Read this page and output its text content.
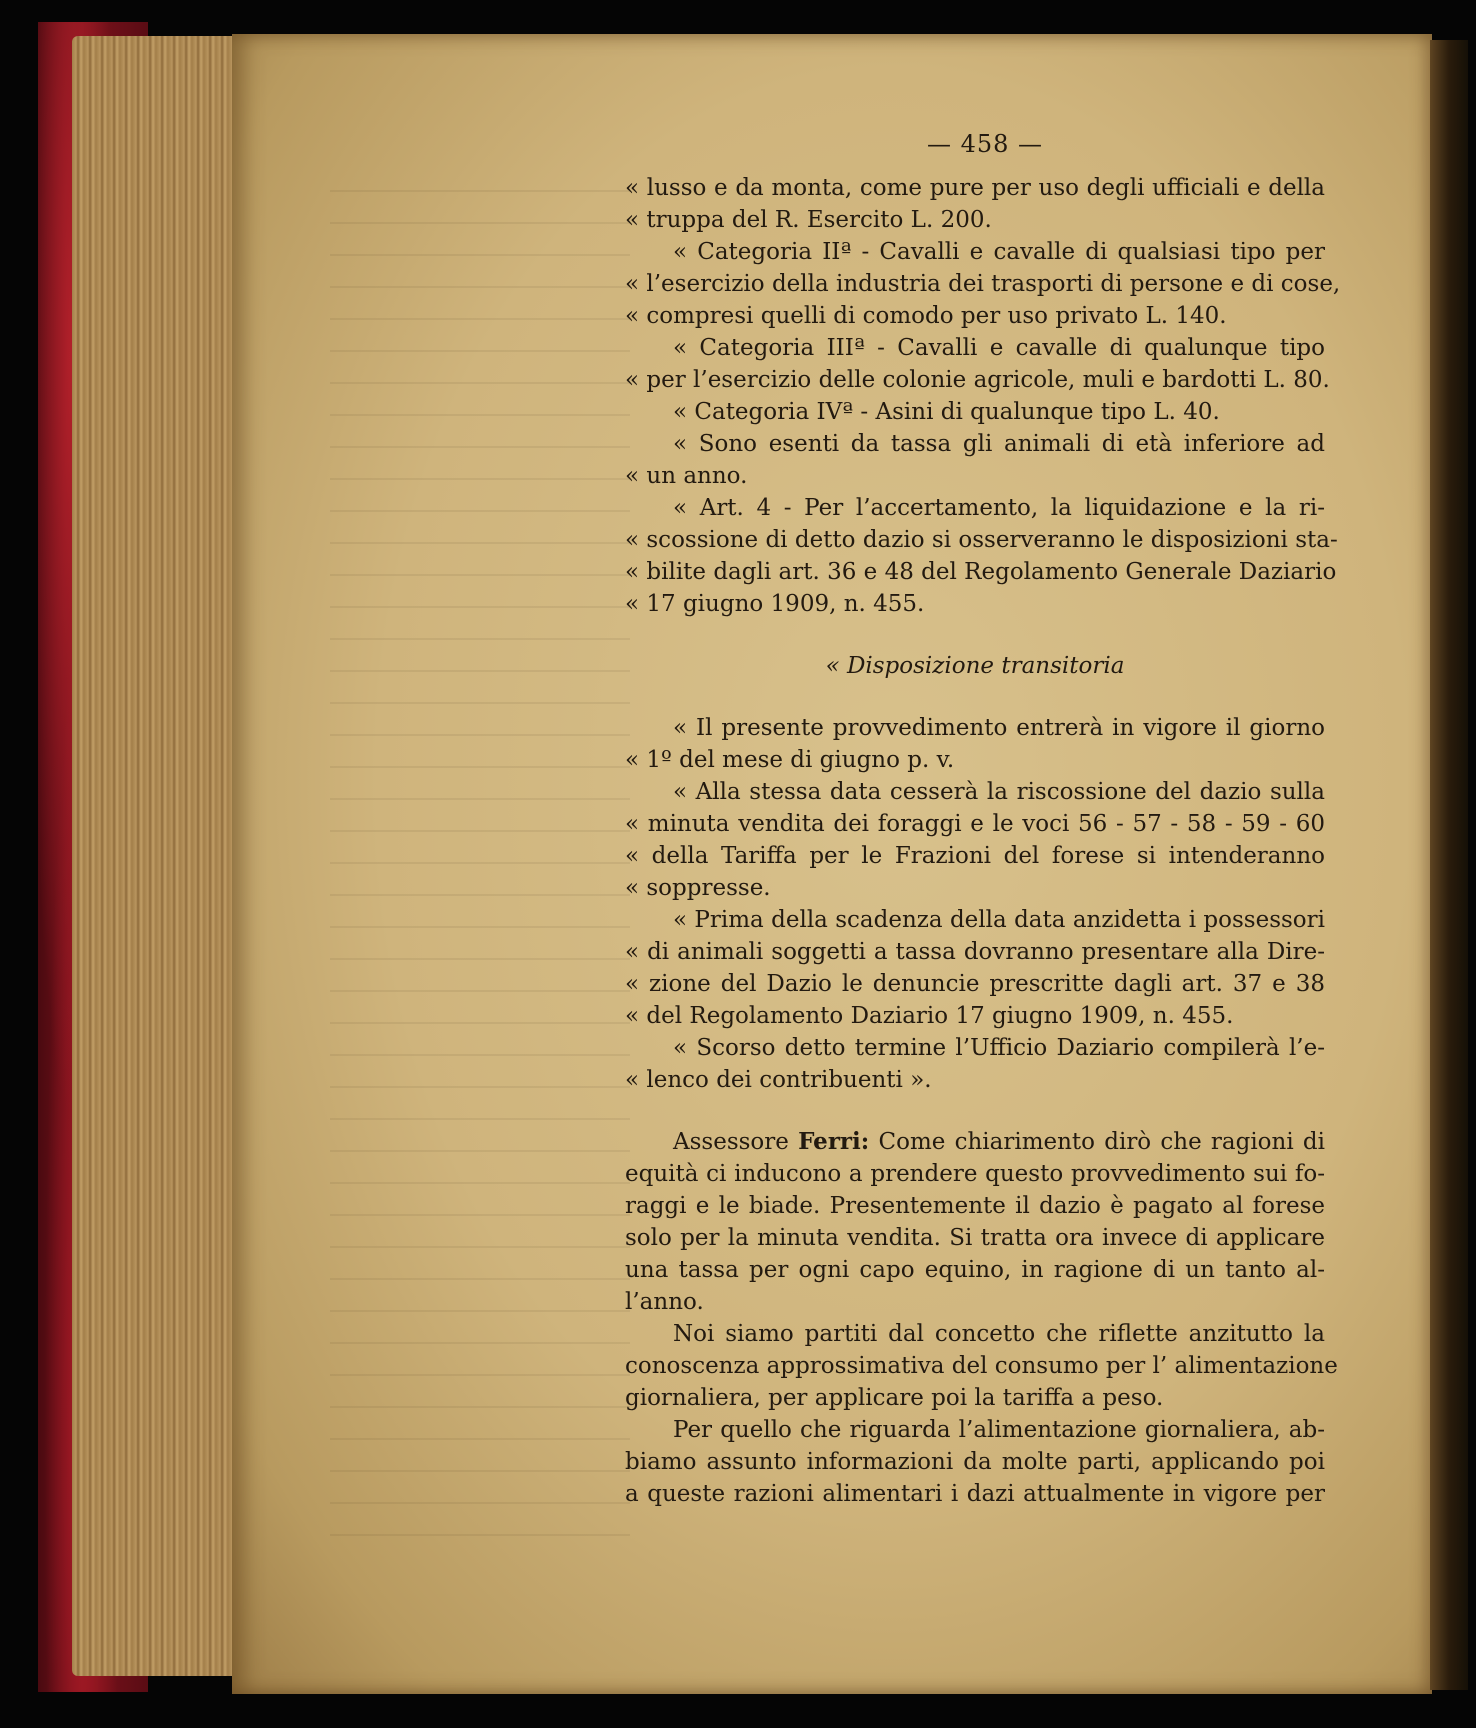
— 458 —
« lusso e da monta, come pure per uso degli ufficiali e della
« truppa del R. Esercito L. 200.
« Categoria IIª - Cavalli e cavalle di qualsiasi tipo per
« l’esercizio della industria dei trasporti di persone e di cose,
« compresi quelli di comodo per uso privato L. 140.
« Categoria IIIª - Cavalli e cavalle di qualunque tipo
« per l’esercizio delle colonie agricole, muli e bardotti L. 80.
« Categoria IVª - Asini di qualunque tipo L. 40.
« Sono esenti da tassa gli animali di età inferiore ad
« un anno.
« Art. 4 - Per l’accertamento, la liquidazione e la ri-
« scossione di detto dazio si osserveranno le disposizioni sta-
« bilite dagli art. 36 e 48 del Regolamento Generale Daziario
« 17 giugno 1909, n. 455.
« Disposizione transitoria
« Il presente provvedimento entrerà in vigore il giorno
« 1º del mese di giugno p. v.
« Alla stessa data cesserà la riscossione del dazio sulla
« minuta vendita dei foraggi e le voci 56 - 57 - 58 - 59 - 60
« della Tariffa per le Frazioni del forese si intenderanno
« soppresse.
« Prima della scadenza della data anzidetta i possessori
« di animali soggetti a tassa dovranno presentare alla Dire-
« zione del Dazio le denuncie prescritte dagli art. 37 e 38
« del Regolamento Daziario 17 giugno 1909, n. 455.
« Scorso detto termine l’Ufficio Daziario compilerà l’e-
« lenco dei contribuenti ».
Assessore Ferri: Come chiarimento dirò che ragioni di
equità ci inducono a prendere questo provvedimento sui fo-
raggi e le biade. Presentemente il dazio è pagato al forese
solo per la minuta vendita. Si tratta ora invece di applicare
una tassa per ogni capo equino, in ragione di un tanto al-
l’anno.
Noi siamo partiti dal concetto che riflette anzitutto la
conoscenza approssimativa del consumo per l’ alimentazione
giornaliera, per applicare poi la tariffa a peso.
Per quello che riguarda l’alimentazione giornaliera, ab-
biamo assunto informazioni da molte parti, applicando poi
a queste razioni alimentari i dazi attualmente in vigore per
